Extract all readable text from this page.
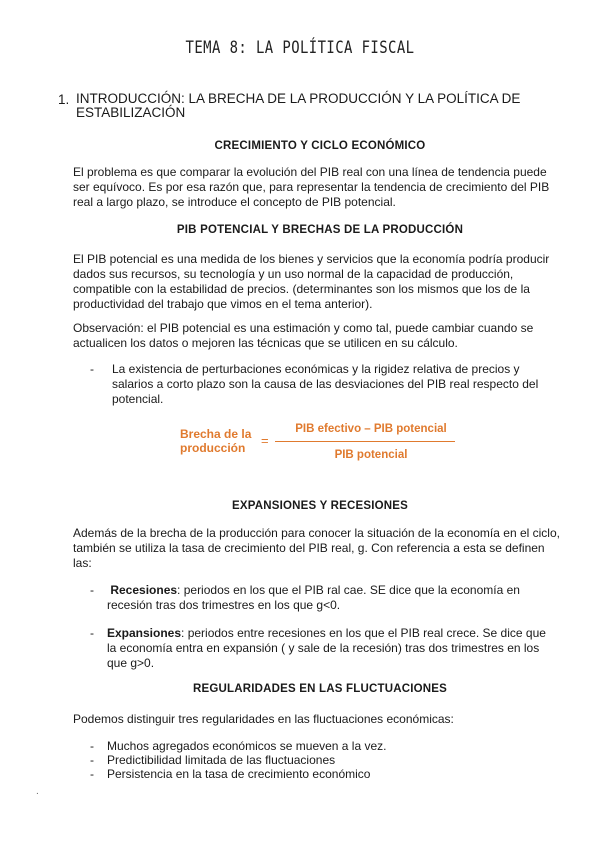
TEMA 8: LA POLÍTICA FISCAL
1. INTRODUCCIÓN: LA BRECHA DE LA PRODUCCIÓN Y LA POLÍTICA DE ESTABILIZACIÓN
CRECIMIENTO Y CICLO ECONÓMICO
El problema es que comparar la evolución del PIB real con una línea de tendencia puede ser equívoco. Es por esa razón que, para representar la tendencia de crecimiento del PIB real a largo plazo, se introduce el concepto de PIB potencial.
PIB POTENCIAL Y BRECHAS DE LA PRODUCCIÓN
El PIB potencial es una medida de los bienes y servicios que la economía podría producir dados sus recursos, su tecnología y un uso normal de la capacidad de producción, compatible con la estabilidad de precios. (determinantes son los mismos que los de la productividad del trabajo que vimos en el tema anterior).
Observación: el PIB potencial es una estimación y como tal, puede cambiar cuando se actualicen los datos o mejoren las técnicas que se utilicen en su cálculo.
- La existencia de perturbaciones económicas y la rigidez relativa de precios y salarios a corto plazo son la causa de las desviaciones del PIB real respecto del potencial.
Brecha de la producción	=
PIB efectivo – PIB potencial
PIB potencial
EXPANSIONES Y RECESIONES
Además de la brecha de la producción para conocer la situación de la economía en el ciclo, también se utiliza la tasa de crecimiento del PIB real, g. Con referencia a esta se definen las:
- Recesiones: periodos en los que el PIB ral cae. SE dice que la economía en recesión tras dos trimestres en los que g<0.
- Expansiones: periodos entre recesiones en los que el PIB real crece. Se dice que la economía entra en expansión ( y sale de la recesión) tras dos trimestres en los que g>0.
REGULARIDADES EN LAS FLUCTUACIONES
Podemos distinguir tres regularidades en las fluctuaciones económicas:
- Muchos agregados económicos se mueven a la vez.
- Predictibilidad limitada de las fluctuaciones
- Persistencia en la tasa de crecimiento económico
.
